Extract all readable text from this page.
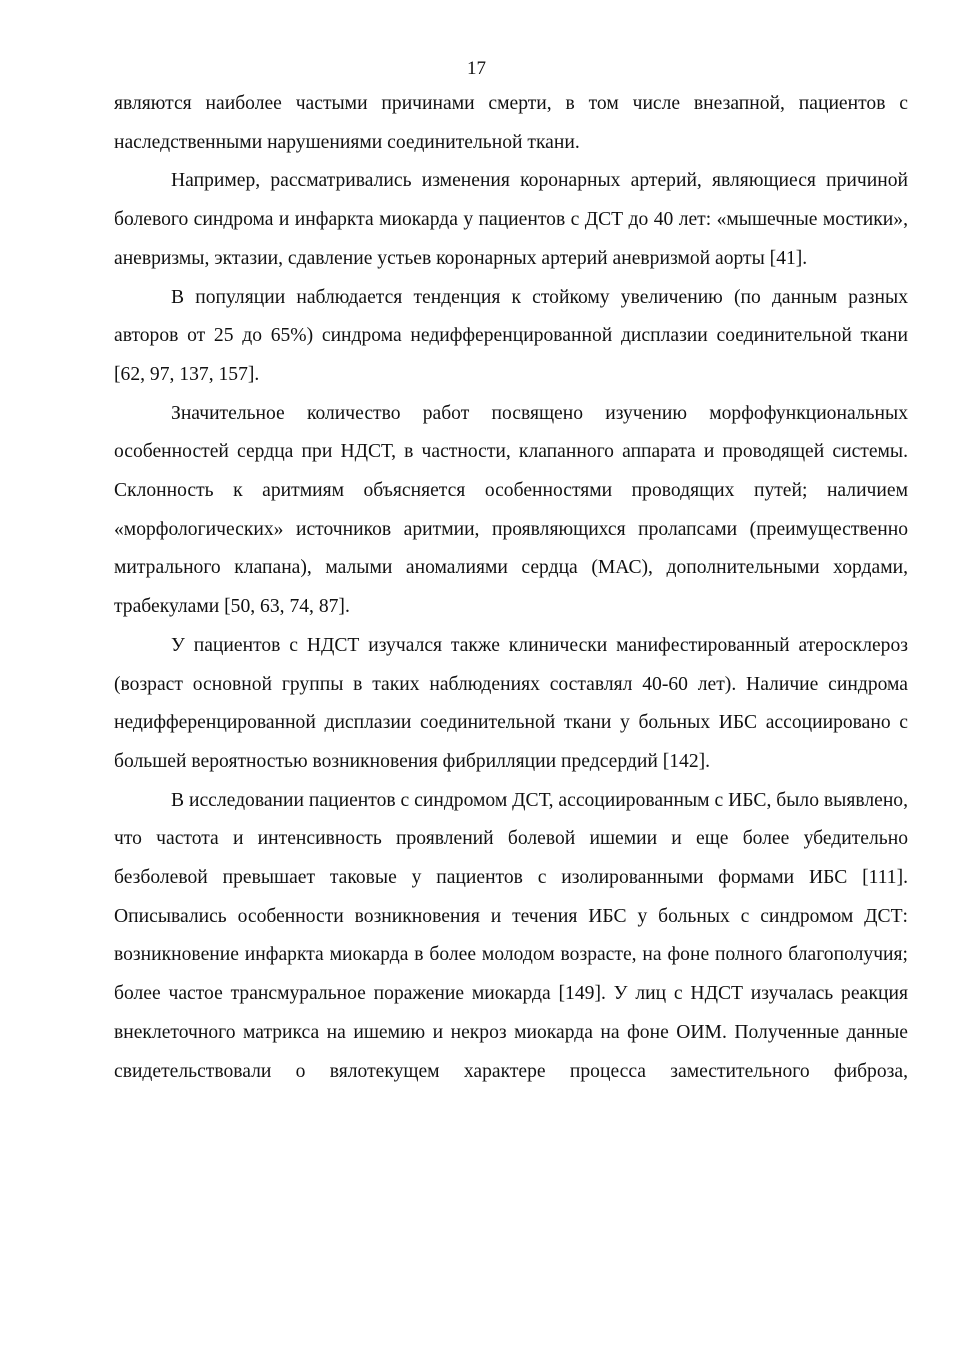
17

являются наиболее частыми причинами смерти, в том числе внезапной, пациентов с наследственными нарушениями соединительной ткани.

Например, рассматривались изменения коронарных артерий, являющиеся причиной болевого синдрома и инфаркта миокарда у пациентов с ДСТ до 40 лет: «мышечные мостики», аневризмы, эктазии, сдавление устьев коронарных артерий аневризмой аорты [41].

В популяции наблюдается тенденция к стойкому увеличению (по данным разных авторов от 25 до 65%) синдрома недифференцированной дисплазии соединительной ткани [62, 97, 137, 157].

Значительное количество работ посвящено изучению морфофункциональных особенностей сердца при НДСТ, в частности, клапанного аппарата и проводящей системы. Склонность к аритмиям объясняется особенностями проводящих путей; наличием «морфологических» источников аритмии, проявляющихся пролапсами (преимущественно митрального клапана), малыми аномалиями сердца (МАС), дополнительными хордами, трабекулами [50, 63, 74, 87].

У пациентов с НДСТ изучался также клинически манифестированный атеросклероз (возраст основной группы в таких наблюдениях составлял 40-60 лет). Наличие синдрома недифференцированной дисплазии соединительной ткани у больных ИБС ассоциировано с большей вероятностью возникновения фибрилляции предсердий [142].

В исследовании пациентов с синдромом ДСТ, ассоциированным с ИБС, было выявлено, что частота и интенсивность проявлений болевой ишемии и еще более убедительно безболевой превышает таковые у пациентов с изолированными формами ИБС [111]. Описывались особенности возникновения и течения ИБС у больных с синдромом ДСТ: возникновение инфаркта миокарда в более молодом возрасте, на фоне полного благополучия; более частое трансмуральное поражение миокарда [149]. У лиц с НДСТ изучалась реакция внеклеточного матрикса на ишемию и некроз миокарда на фоне ОИМ. Полученные данные свидетельствовали о вялотекущем характере процесса заместительного фиброза,
